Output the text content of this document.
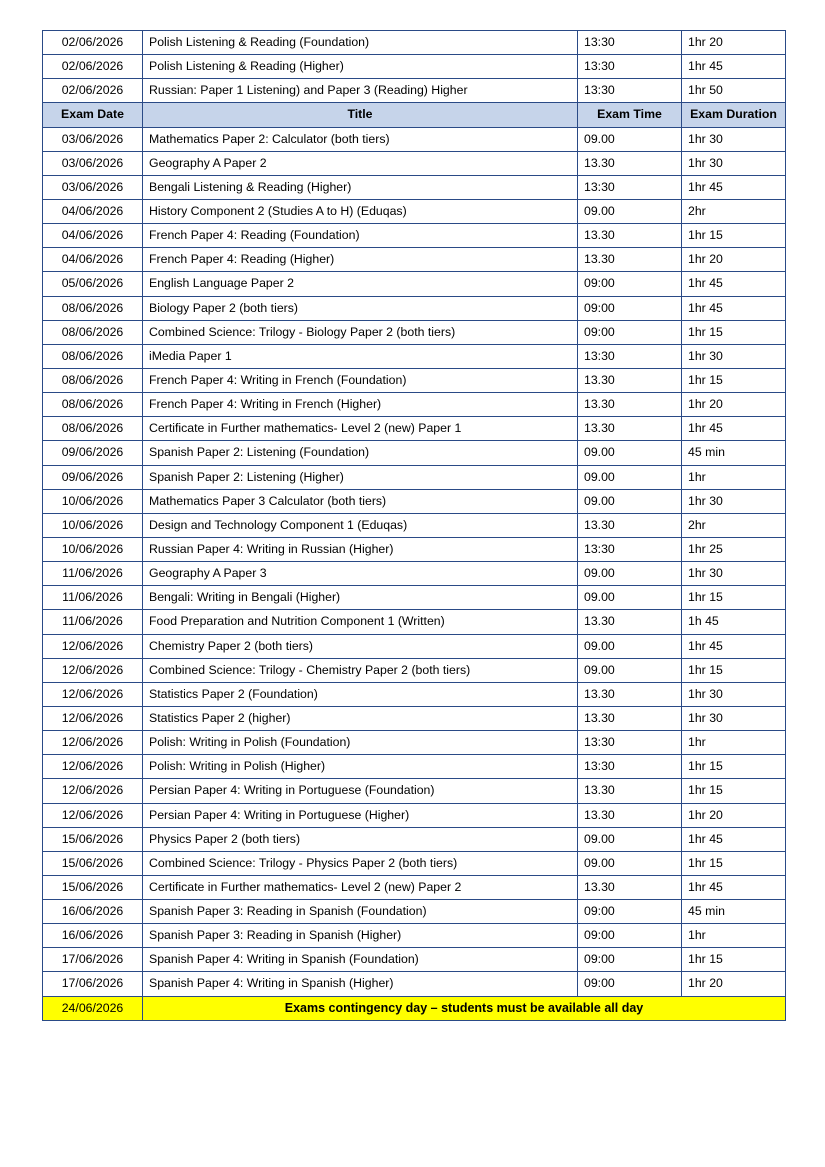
02/06/2026	Polish Listening & Reading (Foundation)	13:30	1hr 20
02/06/2026	Polish Listening & Reading (Higher)	13:30	1hr 45
02/06/2026	Russian: Paper 1 Listening) and Paper 3 (Reading) Higher	13:30	1hr 50
Exam Date	Title	Exam Time	Exam Duration
03/06/2026	Mathematics Paper 2: Calculator (both tiers)	09.00	1hr 30
03/06/2026	Geography A Paper 2	13.30	1hr 30
03/06/2026	Bengali Listening & Reading (Higher)	13:30	1hr 45
04/06/2026	History Component 2 (Studies A to H) (Eduqas)	09.00	2hr
04/06/2026	French Paper 4: Reading (Foundation)	13.30	1hr 15
04/06/2026	French Paper 4: Reading (Higher)	13.30	1hr 20
05/06/2026	English Language Paper 2	09:00	1hr 45
08/06/2026	Biology Paper 2 (both tiers)	09:00	1hr 45
08/06/2026	Combined Science: Trilogy - Biology Paper 2 (both tiers)	09:00	1hr 15
08/06/2026	iMedia Paper 1	13:30	1hr 30
08/06/2026	French Paper 4: Writing in French (Foundation)	13.30	1hr 15
08/06/2026	French Paper 4: Writing in French (Higher)	13.30	1hr 20
08/06/2026	Certificate in Further mathematics- Level 2 (new) Paper 1	13.30	1hr 45
09/06/2026	Spanish Paper 2: Listening (Foundation)	09.00	45 min
09/06/2026	Spanish Paper 2: Listening (Higher)	09.00	1hr
10/06/2026	Mathematics Paper 3 Calculator (both tiers)	09.00	1hr 30
10/06/2026	Design and Technology Component 1 (Eduqas)	13.30	2hr
10/06/2026	Russian Paper 4: Writing in Russian (Higher)	13:30	1hr 25
11/06/2026	Geography A Paper 3	09.00	1hr 30
11/06/2026	Bengali: Writing in Bengali (Higher)	09.00	1hr 15
11/06/2026	Food Preparation and Nutrition Component 1 (Written)	13.30	1h 45
12/06/2026	Chemistry Paper 2 (both tiers)	09.00	1hr 45
12/06/2026	Combined Science: Trilogy - Chemistry Paper 2 (both tiers)	09.00	1hr 15
12/06/2026	Statistics Paper 2 (Foundation)	13.30	1hr 30
12/06/2026	Statistics Paper 2 (higher)	13.30	1hr 30
12/06/2026	Polish: Writing in Polish (Foundation)	13:30	1hr
12/06/2026	Polish: Writing in Polish (Higher)	13:30	1hr 15
12/06/2026	Persian Paper 4: Writing in Portuguese (Foundation)	13.30	1hr 15
12/06/2026	Persian Paper 4: Writing in Portuguese (Higher)	13.30	1hr 20
15/06/2026	Physics Paper 2 (both tiers)	09.00	1hr 45
15/06/2026	Combined Science: Trilogy - Physics Paper 2 (both tiers)	09.00	1hr 15
15/06/2026	Certificate in Further mathematics- Level 2 (new) Paper 2	13.30	1hr 45
16/06/2026	Spanish Paper 3: Reading in Spanish (Foundation)	09:00	45 min
16/06/2026	Spanish Paper 3: Reading in Spanish (Higher)	09:00	1hr
17/06/2026	Spanish Paper 4: Writing in Spanish (Foundation)	09:00	1hr 15
17/06/2026	Spanish Paper 4: Writing in Spanish (Higher)	09:00	1hr 20
24/06/2026	Exams contingency day – students must be available all day		
